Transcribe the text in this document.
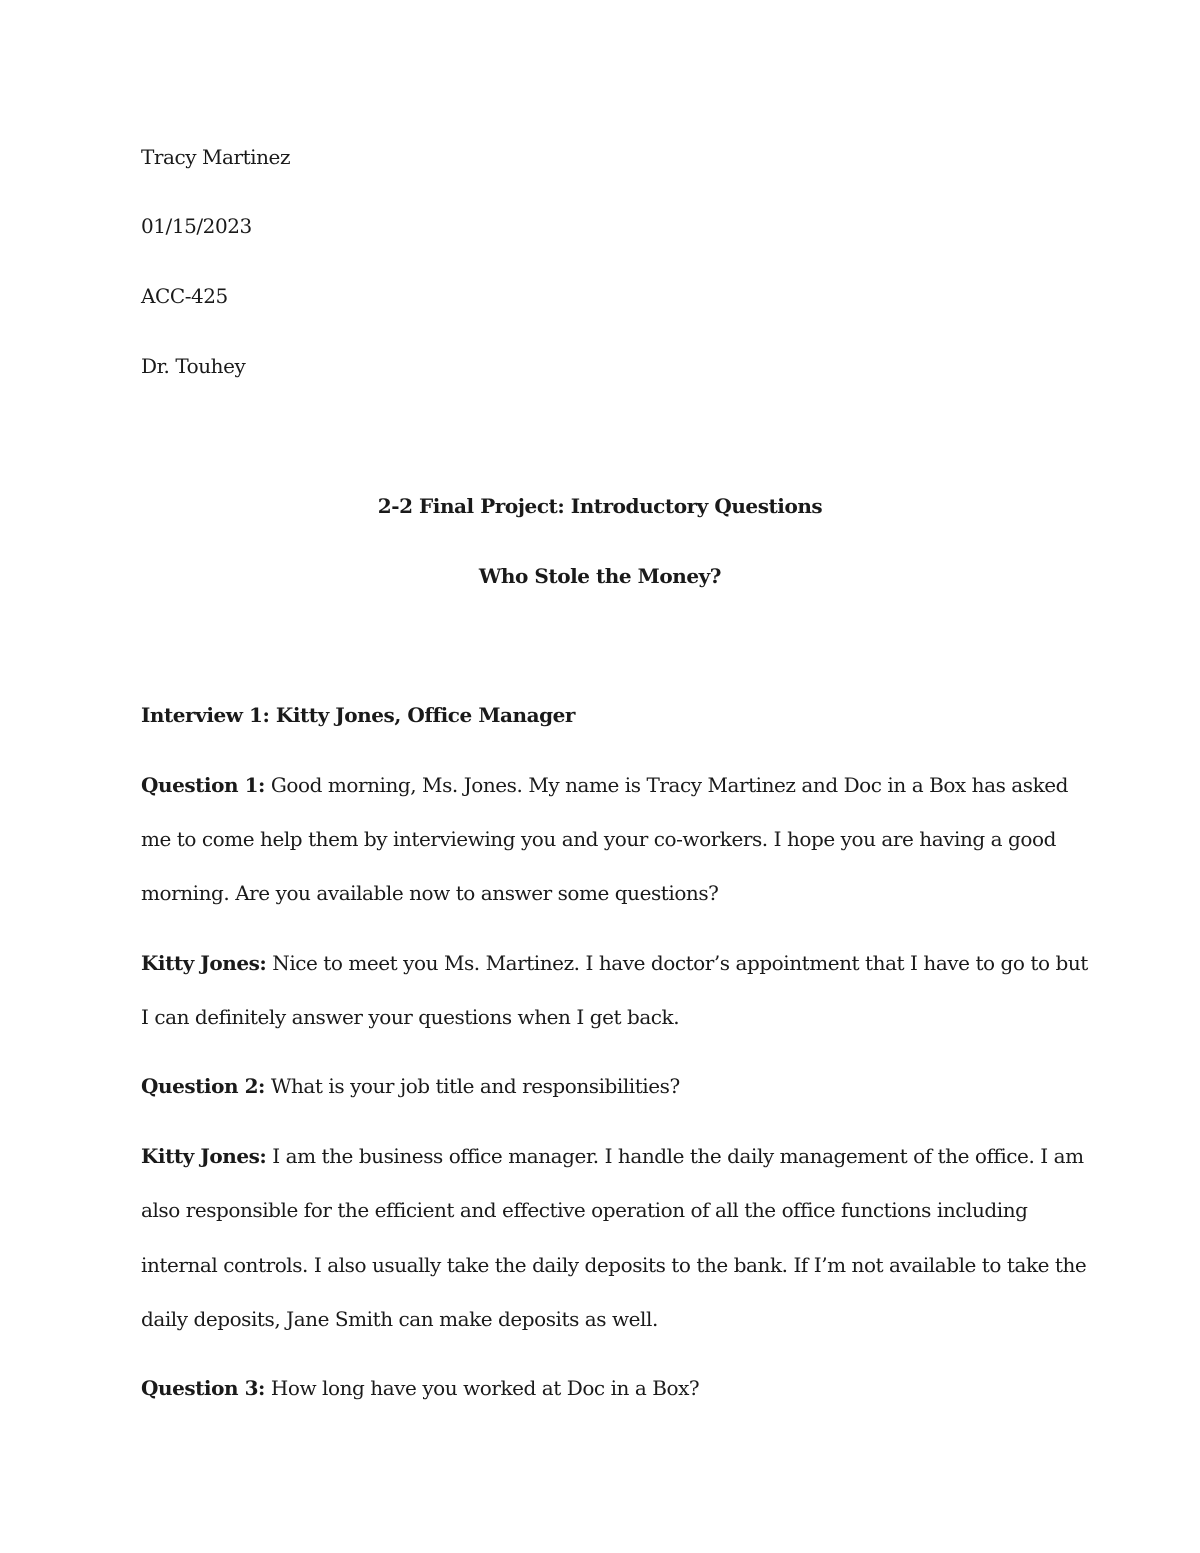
Tracy Martinez
01/15/2023
ACC-425
Dr. Touhey
2-2 Final Project: Introductory Questions
Who Stole the Money?
Interview 1: Kitty Jones, Office Manager
Question 1: Good morning, Ms. Jones. My name is Tracy Martinez and Doc in a Box has asked
me to come help them by interviewing you and your co-workers. I hope you are having a good
morning. Are you available now to answer some questions?
Kitty Jones: Nice to meet you Ms. Martinez. I have doctor’s appointment that I have to go to but
I can definitely answer your questions when I get back.
Question 2: What is your job title and responsibilities?
Kitty Jones: I am the business office manager. I handle the daily management of the office. I am
also responsible for the efficient and effective operation of all the office functions including
internal controls. I also usually take the daily deposits to the bank. If I’m not available to take the
daily deposits, Jane Smith can make deposits as well.
Question 3: How long have you worked at Doc in a Box?
